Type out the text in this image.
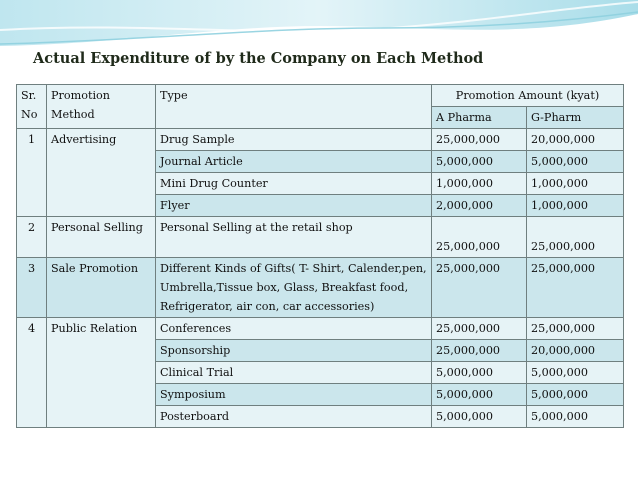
Actual Expenditure of by the Company on Each Method
Sr. No	Promotion Method	Type	Promotion Amount (kyat)	
			A Pharma	G-Pharm
1	Advertising	Drug Sample	25,000,000	20,000,000
		Journal Article	5,000,000	5,000,000
		Mini Drug Counter	1,000,000	1,000,000
		Flyer	2,000,000	1,000,000
2	Personal Selling	Personal Selling at the retail shop	25,000,000	25,000,000
3	Sale Promotion	Different Kinds of Gifts( T- Shirt, Calender,pen, Umbrella,Tissue box, Glass, Breakfast food, Refrigerator, air con, car accessories)	25,000,000	25,000,000
4	Public Relation	Conferences	25,000,000	25,000,000
		Sponsorship	25,000,000	20,000,000
		Clinical Trial	5,000,000	5,000,000
		Symposium	5,000,000	5,000,000
		Posterboard	5,000,000	5,000,000
